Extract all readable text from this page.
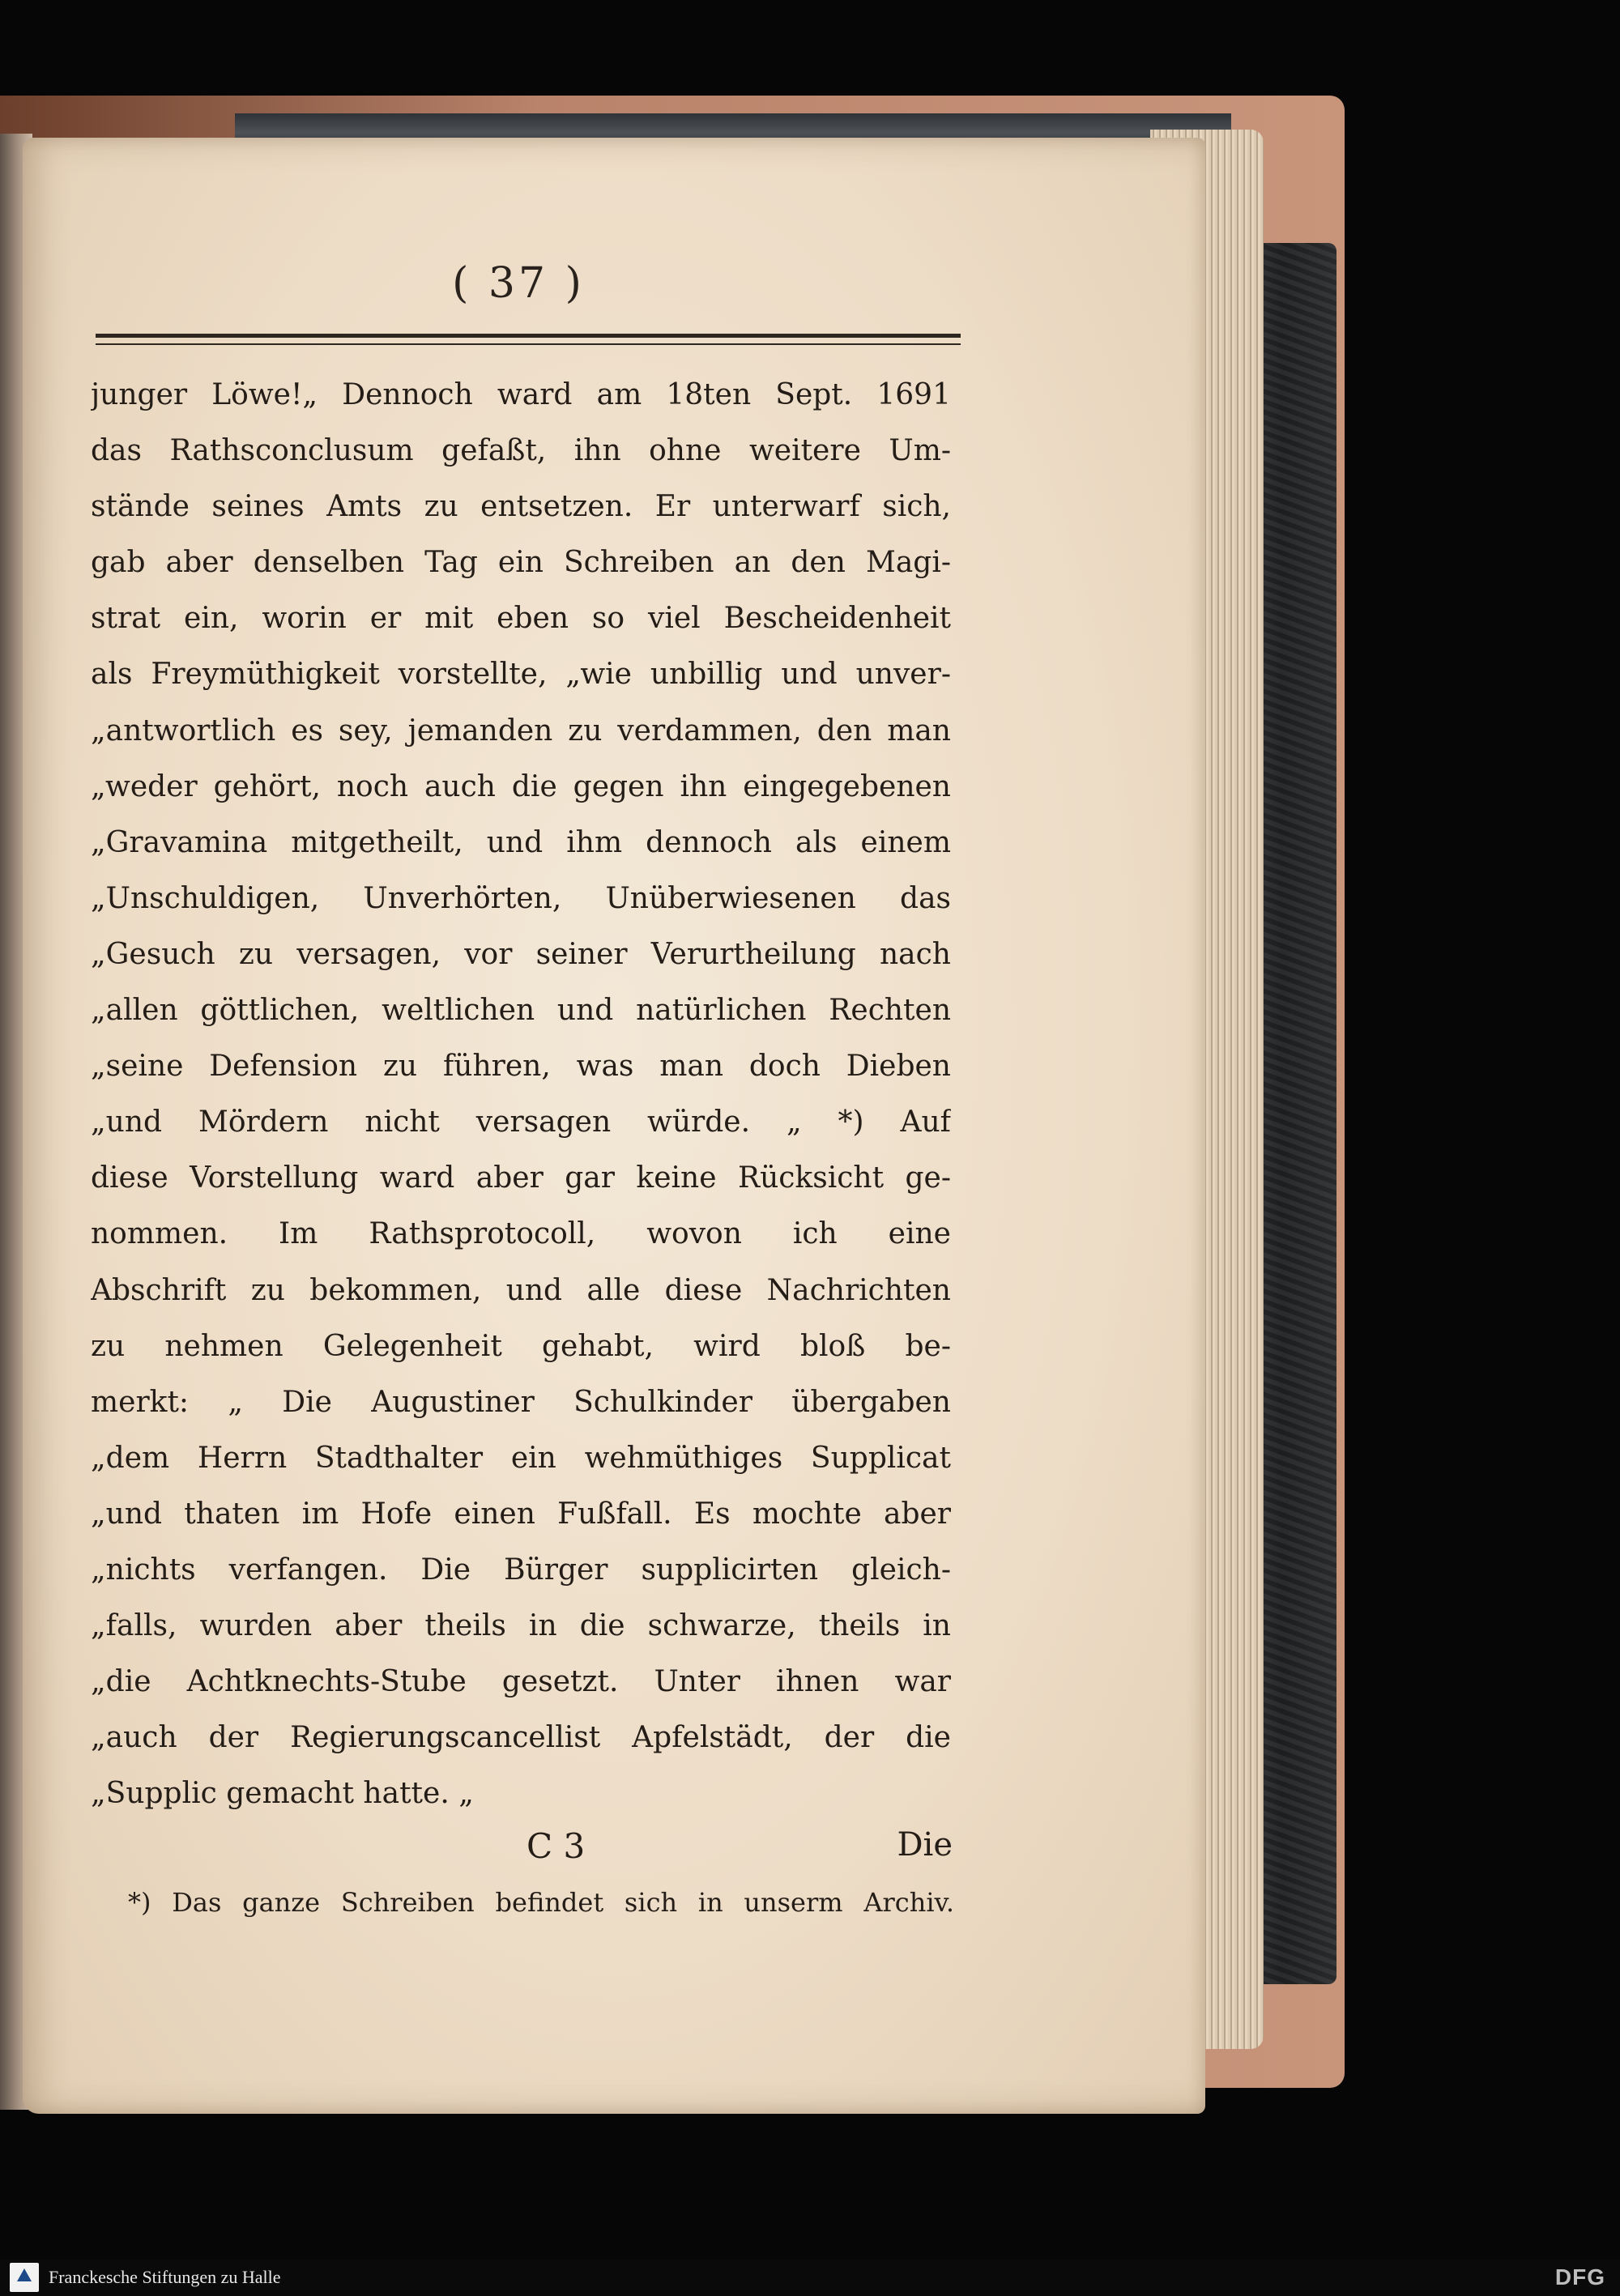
( 37 )
junger Löwe!„ Dennoch ward am 18ten Sept. 1691
das Rathsconclusum gefaßt, ihn ohne weitere Um-
stände seines Amts zu entsetzen. Er unterwarf sich,
gab aber denselben Tag ein Schreiben an den Magi-
strat ein, worin er mit eben so viel Bescheidenheit
als Freymüthigkeit vorstellte, „wie unbillig und unver-
„antwortlich es sey, jemanden zu verdammen, den man
„weder gehört, noch auch die gegen ihn eingegebenen
„Gravamina mitgetheilt, und ihm dennoch als einem
„Unschuldigen, Unverhörten, Unüberwiesenen das
„Gesuch zu versagen, vor seiner Verurtheilung nach
„allen göttlichen, weltlichen und natürlichen Rechten
„seine Defension zu führen, was man doch Dieben
„und Mördern nicht versagen würde. „ *) Auf
diese Vorstellung ward aber gar keine Rücksicht ge-
nommen. Im Rathsprotocoll, wovon ich eine
Abschrift zu bekommen, und alle diese Nachrichten
zu nehmen Gelegenheit gehabt, wird bloß be-
merkt: „ Die Augustiner Schulkinder übergaben
„dem Herrn Stadthalter ein wehmüthiges Supplicat
„und thaten im Hofe einen Fußfall. Es mochte aber
„nichts verfangen. Die Bürger supplicirten gleich-
„falls, wurden aber theils in die schwarze, theils in
„die Achtknechts-Stube gesetzt. Unter ihnen war
„auch der Regierungscancellist Apfelstädt, der die
„Supplic gemacht hatte. „
C 3	Die
*) Das ganze Schreiben befindet sich in unserm Archiv.
Franckesche Stiftungen zu Halle	DFG
